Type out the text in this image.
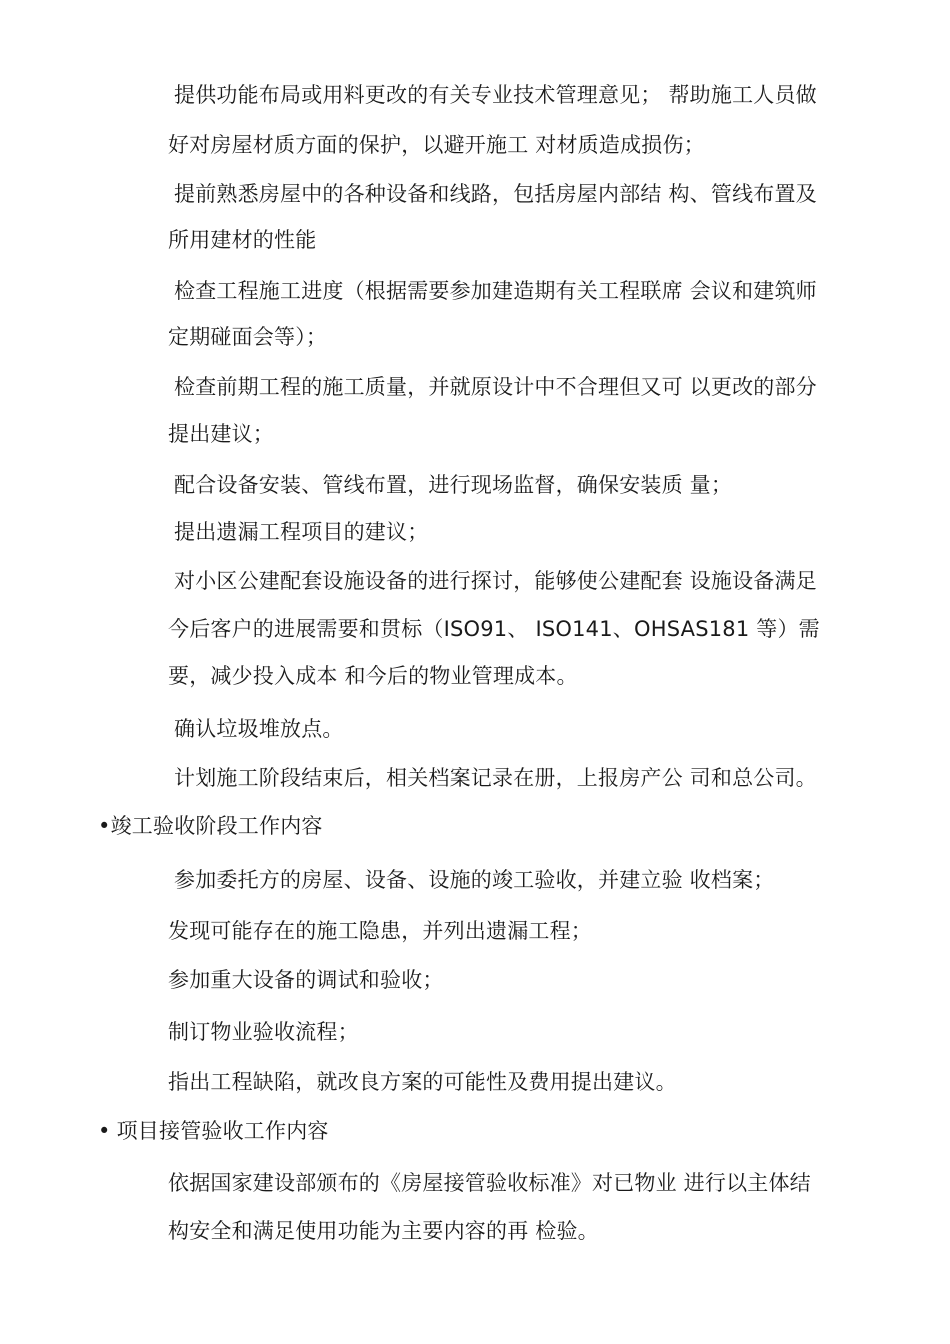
提供功能布局或用料更改的有关专业技术管理意见； 帮助施工人员做
好对房屋材质方面的保护，以避开施工 对材质造成损伤；
提前熟悉房屋中的各种设备和线路，包括房屋内部结 构、管线布置及
所用建材的性能
检查工程施工进度（根据需要参加建造期有关工程联席 会议和建筑师
定期碰面会等）；
检查前期工程的施工质量，并就原设计中不合理但又可 以更改的部分
提出建议；
配合设备安装、管线布置，进行现场监督，确保安装质 量；
提出遗漏工程项目的建议；
对小区公建配套设施设备的进行探讨，能够使公建配套 设施设备满足
今后客户的进展需要和贯标（ISO91、 ISO141、OHSAS181 等）需
要，减少投入成本 和今后的物业管理成本。
确认垃圾堆放点。
计划施工阶段结束后，相关档案记录在册，上报房产公 司和总公司。
•竣工验收阶段工作内容
参加委托方的房屋、设备、设施的竣工验收，并建立验 收档案；
发现可能存在的施工隐患，并列出遗漏工程；
参加重大设备的调试和验收；
制订物业验收流程；
指出工程缺陷，就改良方案的可能性及费用提出建议。
• 项目接管验收工作内容
依据国家建设部颁布的《房屋接管验收标准》对已物业 进行以主体结
构安全和满足使用功能为主要内容的再 检验。
